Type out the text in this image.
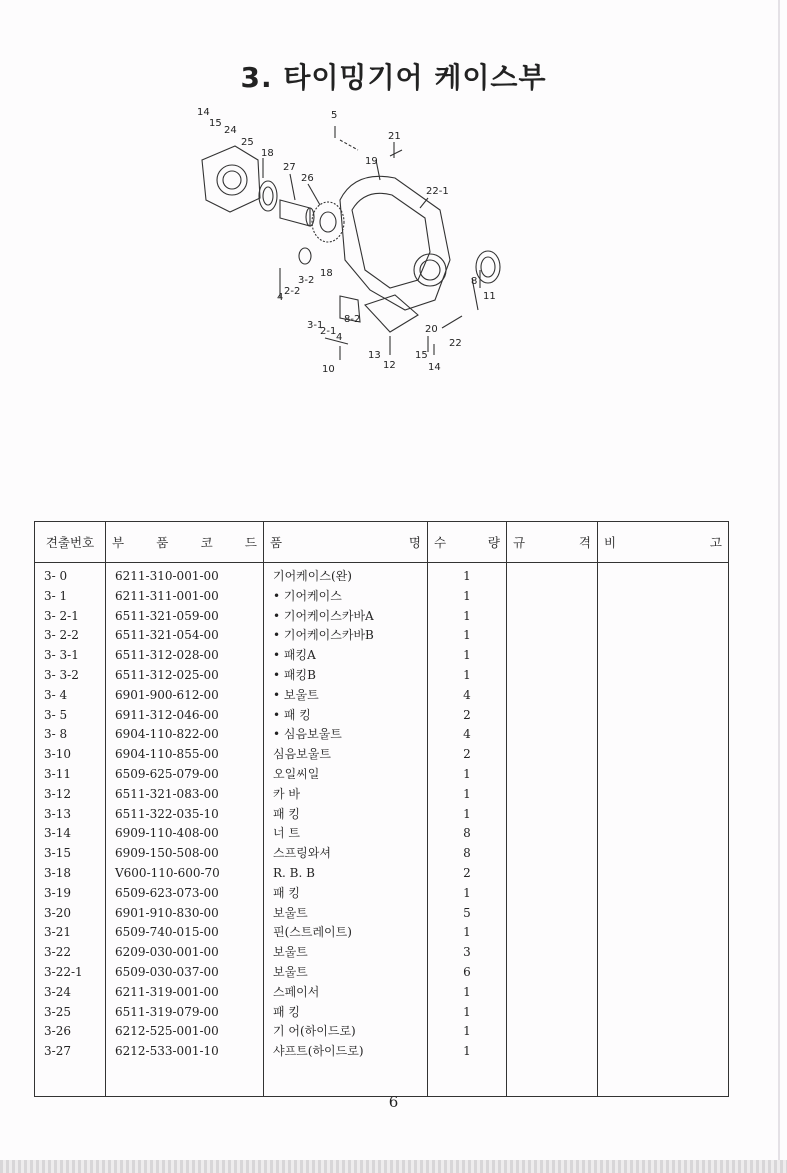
3. 타이밍기어 케이스부
14
15
24
25
18
27
26
5
21
19
22-1
8
11
18
3-2
2-2
4
8-2
3-1
2-1
4
20
22
13
12
15
14
10
견출번호	부 품 코 드	품 명	수 량	규 격	비 고

3- 0	6211-310-001-00	기어케이스(완)	1		
3- 1	6211-311-001-00	• 기어케이스	1		
3- 2-1	6511-321-059-00	• 기어케이스카바A	1		
3- 2-2	6511-321-054-00	• 기어케이스카바B	1		
3- 3-1	6511-312-028-00	• 패킹A	1		
3- 3-2	6511-312-025-00	• 패킹B	1		
3- 4	6901-900-612-00	• 보울트	4		
3- 5	6911-312-046-00	• 패 킹	2		
3- 8	6904-110-822-00	• 심음보울트	4		
3-10	6904-110-855-00	심음보울트	2		
3-11	6509-625-079-00	오일씨일	1		
3-12	6511-321-083-00	카 바	1		
3-13	6511-322-035-10	패 킹	1		
3-14	6909-110-408-00	너 트	8		
3-15	6909-150-508-00	스프링와셔	8		
3-18	V600-110-600-70	R. B. B	2		
3-19	6509-623-073-00	패 킹	1		
3-20	6901-910-830-00	보울트	5		
3-21	6509-740-015-00	핀(스트레이트)	1		
3-22	6209-030-001-00	보울트	3		
3-22-1	6509-030-037-00	보울트	6		
3-24	6211-319-001-00	스페이서	1		
3-25	6511-319-079-00	패 킹	1		
3-26	6212-525-001-00	기 어(하이드로)	1		
3-27	6212-533-001-10	샤프트(하이드로)	1		

6
